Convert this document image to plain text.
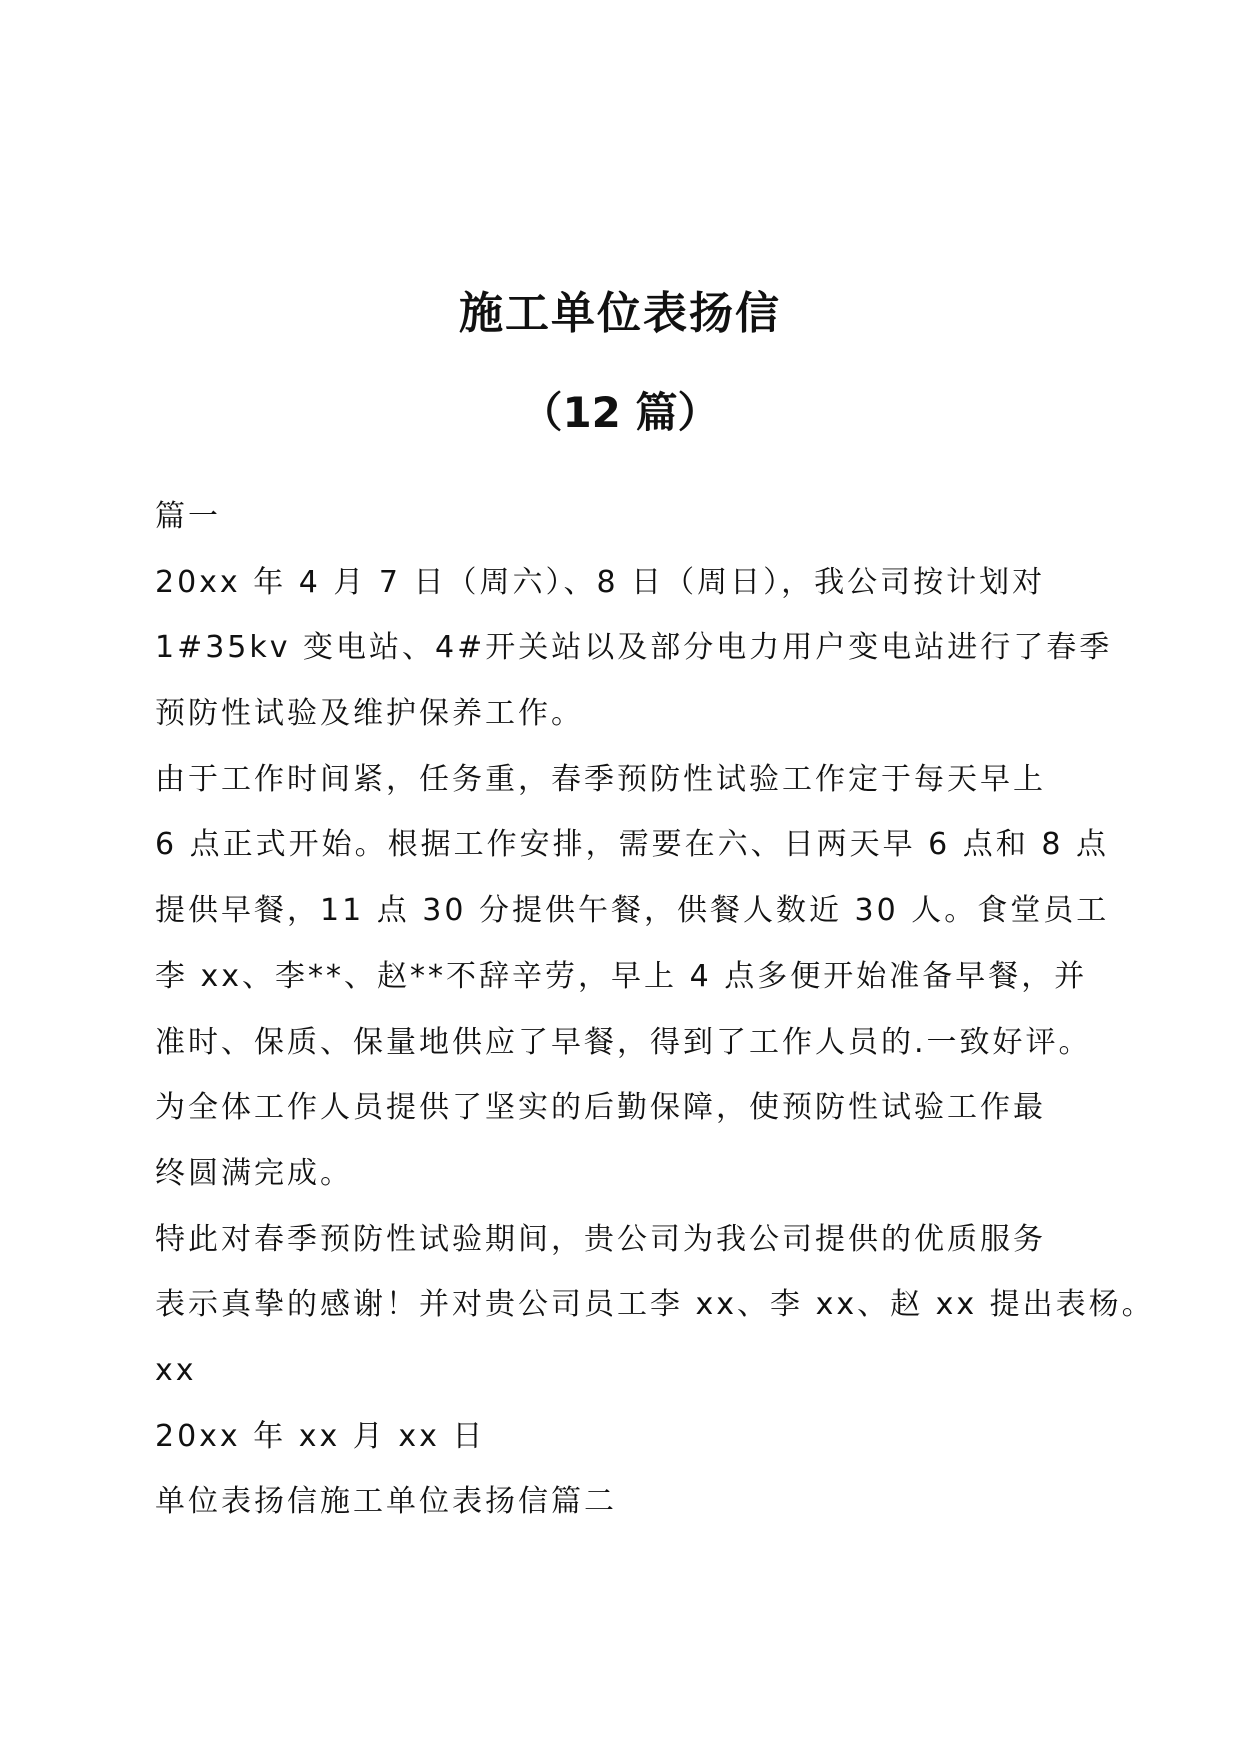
施工单位表扬信
（12 篇）

篇一

20xx 年 4 月 7 日（周六）、8 日（周日），我公司按计划对

1#35kv 变电站、4#开关站以及部分电力用户变电站进行了春季

预防性试验及维护保养工作。

由于工作时间紧，任务重，春季预防性试验工作定于每天早上

6 点正式开始。根据工作安排，需要在六、日两天早 6 点和 8 点

提供早餐，11 点 30 分提供午餐，供餐人数近 30 人。食堂员工

李 xx、李**、赵**不辞辛劳，早上 4 点多便开始准备早餐，并

准时、保质、保量地供应了早餐，得到了工作人员的.一致好评。

为全体工作人员提供了坚实的后勤保障，使预防性试验工作最

终圆满完成。

特此对春季预防性试验期间，贵公司为我公司提供的优质服务

表示真挚的感谢！并对贵公司员工李 xx、李 xx、赵 xx 提出表杨。

xx

20xx 年 xx 月 xx 日

单位表扬信施工单位表扬信篇二
